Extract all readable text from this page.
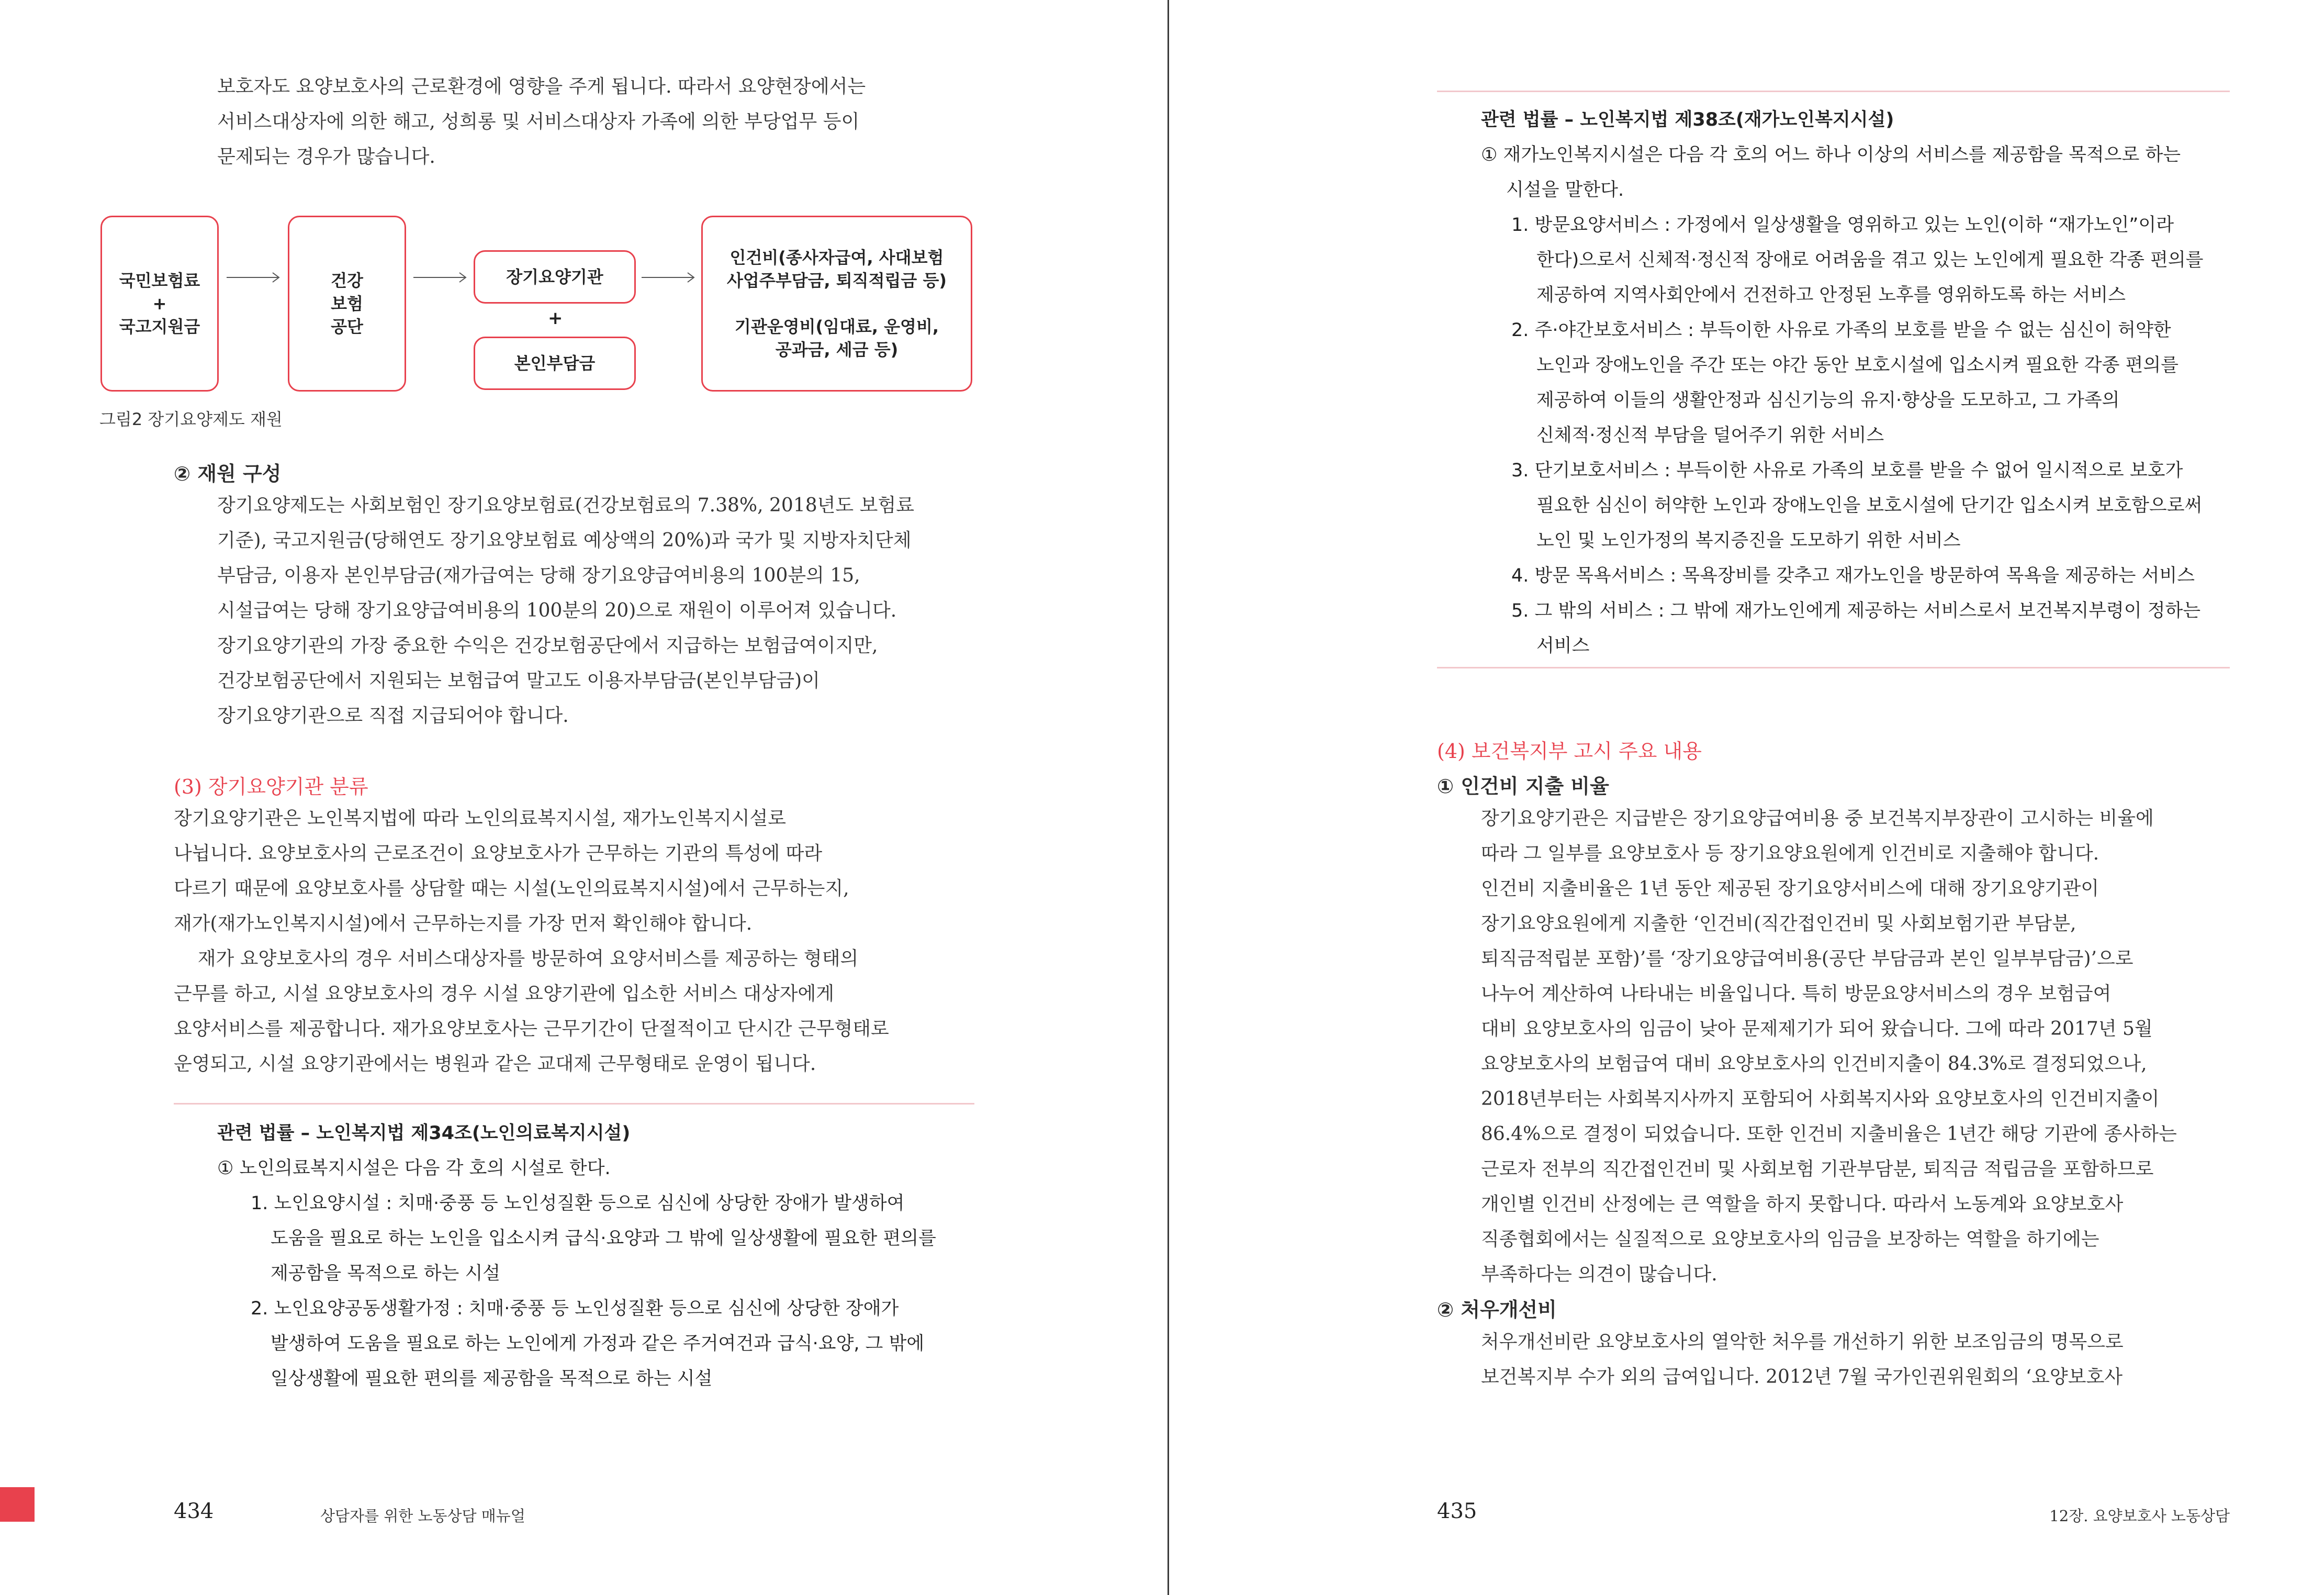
보호자도 요양보호사의 근로환경에 영향을 주게 됩니다. 따라서 요양현장에서는

서비스대상자에 의한 해고, 성희롱 및 서비스대상자 가족에 의한 부당업무 등이

문제되는 경우가 많습니다.

국민보험료
+
국고지원금
건강
보험
공단
장기요양기관
+
본인부담금
인건비(종사자급여, 사대보험
사업주부담금, 퇴직적립금 등)

기관운영비(임대료, 운영비,
공과금, 세금 등)
그림2 장기요양제도 재원
② 재원 구성

장기요양제도는 사회보험인 장기요양보험료(건강보험료의 7.38%, 2018년도 보험료

기준), 국고지원금(당해연도 장기요양보험료 예상액의 20%)과 국가 및 지방자치단체

부담금, 이용자 본인부담금(재가급여는 당해 장기요양급여비용의 100분의 15,

시설급여는 당해 장기요양급여비용의 100분의 20)으로 재원이 이루어져 있습니다.

장기요양기관의 가장 중요한 수익은 건강보험공단에서 지급하는 보험급여이지만,

건강보험공단에서 지원되는 보험급여 말고도 이용자부담금(본인부담금)이

장기요양기관으로 직접 지급되어야 합니다.

(3) 장기요양기관 분류

장기요양기관은 노인복지법에 따라 노인의료복지시설, 재가노인복지시설로

나뉩니다. 요양보호사의 근로조건이 요양보호사가 근무하는 기관의 특성에 따라

다르기 때문에 요양보호사를 상담할 때는 시설(노인의료복지시설)에서 근무하는지,

재가(재가노인복지시설)에서 근무하는지를 가장 먼저 확인해야 합니다.

재가 요양보호사의 경우 서비스대상자를 방문하여 요양서비스를 제공하는 형태의

근무를 하고, 시설 요양보호사의 경우 시설 요양기관에 입소한 서비스 대상자에게

요양서비스를 제공합니다. 재가요양보호사는 근무기간이 단절적이고 단시간 근무형태로

운영되고, 시설 요양기관에서는 병원과 같은 교대제 근무형태로 운영이 됩니다.

관련 법률 – 노인복지법 제34조(노인의료복지시설)

① 노인의료복지시설은 다음 각 호의 시설로 한다.

1. 노인요양시설 : 치매·중풍 등 노인성질환 등으로 심신에 상당한 장애가 발생하여

도움을 필요로 하는 노인을 입소시켜 급식·요양과 그 밖에 일상생활에 필요한 편의를

제공함을 목적으로 하는 시설

2. 노인요양공동생활가정 : 치매·중풍 등 노인성질환 등으로 심신에 상당한 장애가

발생하여 도움을 필요로 하는 노인에게 가정과 같은 주거여건과 급식·요양, 그 밖에

일상생활에 필요한 편의를 제공함을 목적으로 하는 시설

434	상담자를 위한 노동상담 매뉴얼

관련 법률 – 노인복지법 제38조(재가노인복지시설)

① 재가노인복지시설은 다음 각 호의 어느 하나 이상의 서비스를 제공함을 목적으로 하는

시설을 말한다.

1. 방문요양서비스 : 가정에서 일상생활을 영위하고 있는 노인(이하 “재가노인”이라

한다)으로서 신체적·정신적 장애로 어려움을 겪고 있는 노인에게 필요한 각종 편의를

제공하여 지역사회안에서 건전하고 안정된 노후를 영위하도록 하는 서비스

2. 주·야간보호서비스 : 부득이한 사유로 가족의 보호를 받을 수 없는 심신이 허약한

노인과 장애노인을 주간 또는 야간 동안 보호시설에 입소시켜 필요한 각종 편의를

제공하여 이들의 생활안정과 심신기능의 유지·향상을 도모하고, 그 가족의

신체적·정신적 부담을 덜어주기 위한 서비스

3. 단기보호서비스 : 부득이한 사유로 가족의 보호를 받을 수 없어 일시적으로 보호가

필요한 심신이 허약한 노인과 장애노인을 보호시설에 단기간 입소시켜 보호함으로써

노인 및 노인가정의 복지증진을 도모하기 위한 서비스

4. 방문 목욕서비스 : 목욕장비를 갖추고 재가노인을 방문하여 목욕을 제공하는 서비스

5. 그 밖의 서비스 : 그 밖에 재가노인에게 제공하는 서비스로서 보건복지부령이 정하는

서비스

(4) 보건복지부 고시 주요 내용
① 인건비 지출 비율

장기요양기관은 지급받은 장기요양급여비용 중 보건복지부장관이 고시하는 비율에

따라 그 일부를 요양보호사 등 장기요양요원에게 인건비로 지출해야 합니다.

인건비 지출비율은 1년 동안 제공된 장기요양서비스에 대해 장기요양기관이

장기요양요원에게 지출한 ‘인건비(직간접인건비 및 사회보험기관 부담분,

퇴직금적립분 포함)’를 ‘장기요양급여비용(공단 부담금과 본인 일부부담금)’으로

나누어 계산하여 나타내는 비율입니다. 특히 방문요양서비스의 경우 보험급여

대비 요양보호사의 임금이 낮아 문제제기가 되어 왔습니다. 그에 따라 2017년 5월

요양보호사의 보험급여 대비 요양보호사의 인건비지출이 84.3%로 결정되었으나,

2018년부터는 사회복지사까지 포함되어 사회복지사와 요양보호사의 인건비지출이

86.4%으로 결정이 되었습니다. 또한 인건비 지출비율은 1년간 해당 기관에 종사하는

근로자 전부의 직간접인건비 및 사회보험 기관부담분, 퇴직금 적립금을 포함하므로

개인별 인건비 산정에는 큰 역할을 하지 못합니다. 따라서 노동계와 요양보호사

직종협회에서는 실질적으로 요양보호사의 임금을 보장하는 역할을 하기에는

부족하다는 의견이 많습니다.

② 처우개선비

처우개선비란 요양보호사의 열악한 처우를 개선하기 위한 보조임금의 명목으로

보건복지부 수가 외의 급여입니다. 2012년 7월 국가인권위원회의 ‘요양보호사

435	12장. 요양보호사 노동상담
